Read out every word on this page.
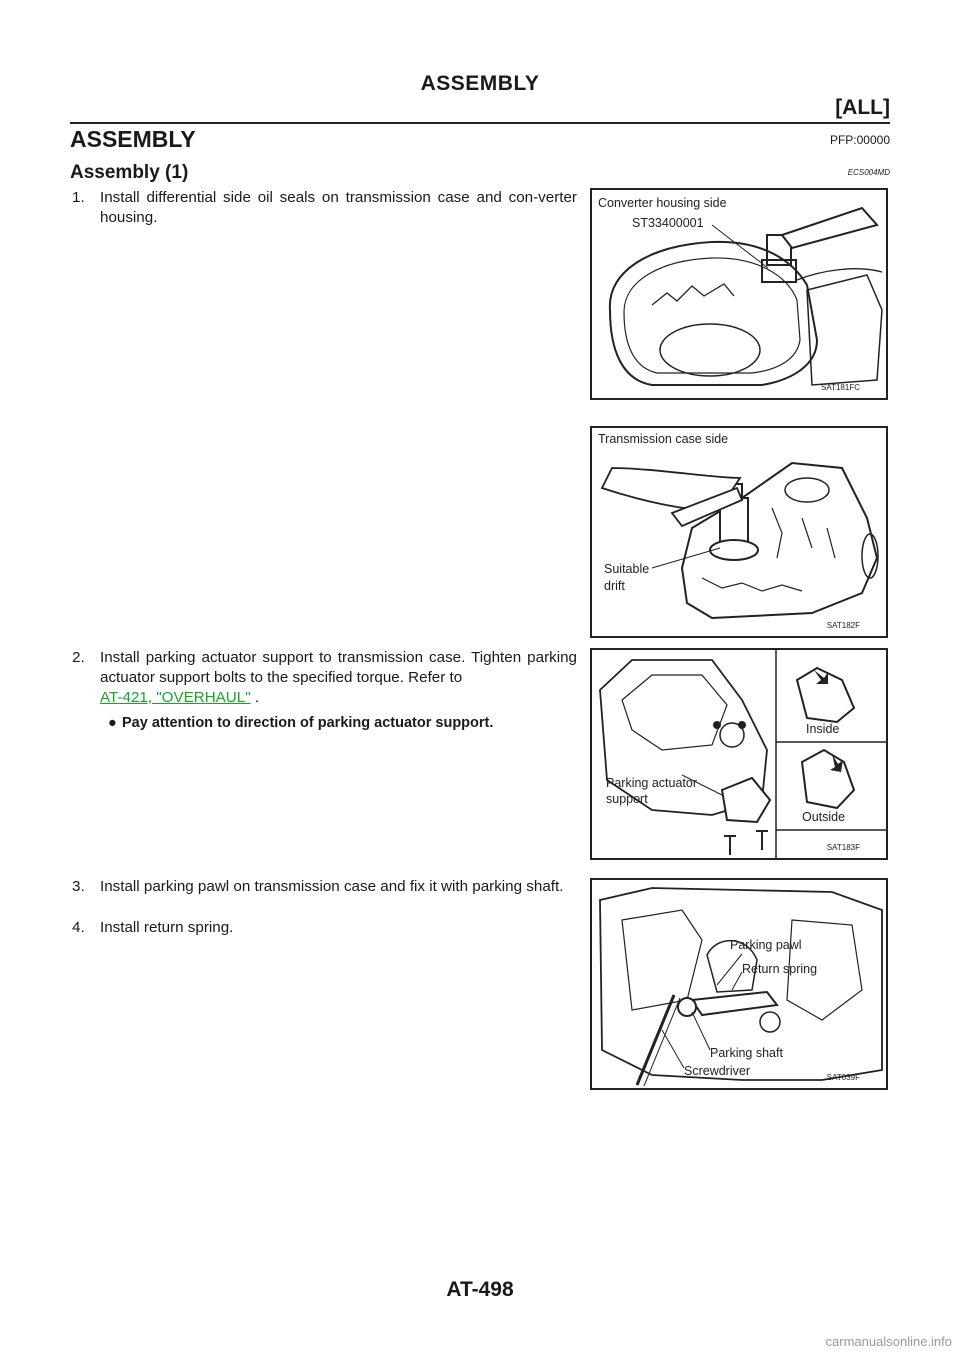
ASSEMBLY
[ALL]
ASSEMBLY	PFP:00000
Assembly (1)	ECS004MD
1. Install differential side oil seals on transmission case and con-verter housing.
2. Install parking actuator support to transmission case. Tighten parking actuator support bolts to the specified torque. Refer to
AT-421, "OVERHAUL" .
● Pay attention to direction of parking actuator support.
3. Install parking pawl on transmission case and fix it with parking shaft.
4. Install return spring.
Converter housing side
ST33400001
SAT181FC
Transmission case side
Suitable
drift
SAT182F
Parking actuator
support
Inside
Outside
SAT183F
Parking pawl
Return spring
Parking shaft
Screwdriver	SAT039F
AT-498
carmanualsonline.info
